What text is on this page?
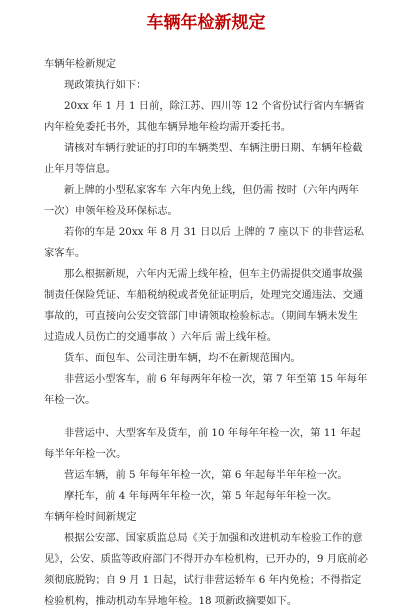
车辆年检新规定

车辆年检新规定

现政策执行如下：

20xx 年 1 月 1 日前，除江苏、四川等 12 个省份试行省内车辆省内年检免委托书外，其他车辆异地年检均需开委托书。

请核对车辆行驶证的打印的车辆类型、车辆注册日期、车辆年检截止年月等信息。

新上牌的小型私家客车 六年内免上线，但仍需 按时（六年内两年一次）申领年检及环保标志。

若你的车是 20xx 年 8 月 31 日以后 上牌的 7 座以下 的非营运私家客车。

那么根据新规，六年内无需上线年检，但车主仍需提供交通事故强制责任保险凭证、车船税纳税或者免征证明后，处理完交通违法、交通事故的，可直接向公安交管部门申请领取检验标志。（期间车辆未发生过造成人员伤亡的交通事故 ）六年后 需上线年检。

货车、面包车、公司注册车辆，均不在新规范围内。

非营运小型客车，前 6 年每两年年检一次，第 7 年至第 15 年每年年检一次。

非营运中、大型客车及货车，前 10 年每年年检一次，第 11 年起每半年年检一次。

营运车辆，前 5 年每年年检一次，第 6 年起每半年年检一次。

摩托车，前 4 年每两年年检一次，第 5 年起每年年检一次。

车辆年检时间新规定

根据公安部、国家质监总局《关于加强和改进机动车检验工作的意见》，公安、质监等政府部门不得开办车检机构，已开办的，9 月底前必须彻底脱钩；自 9 月 1 日起，试行非营运轿车 6 年内免检；不得指定检验机构，推动机动车异地年检。18 项新政摘要如下。
